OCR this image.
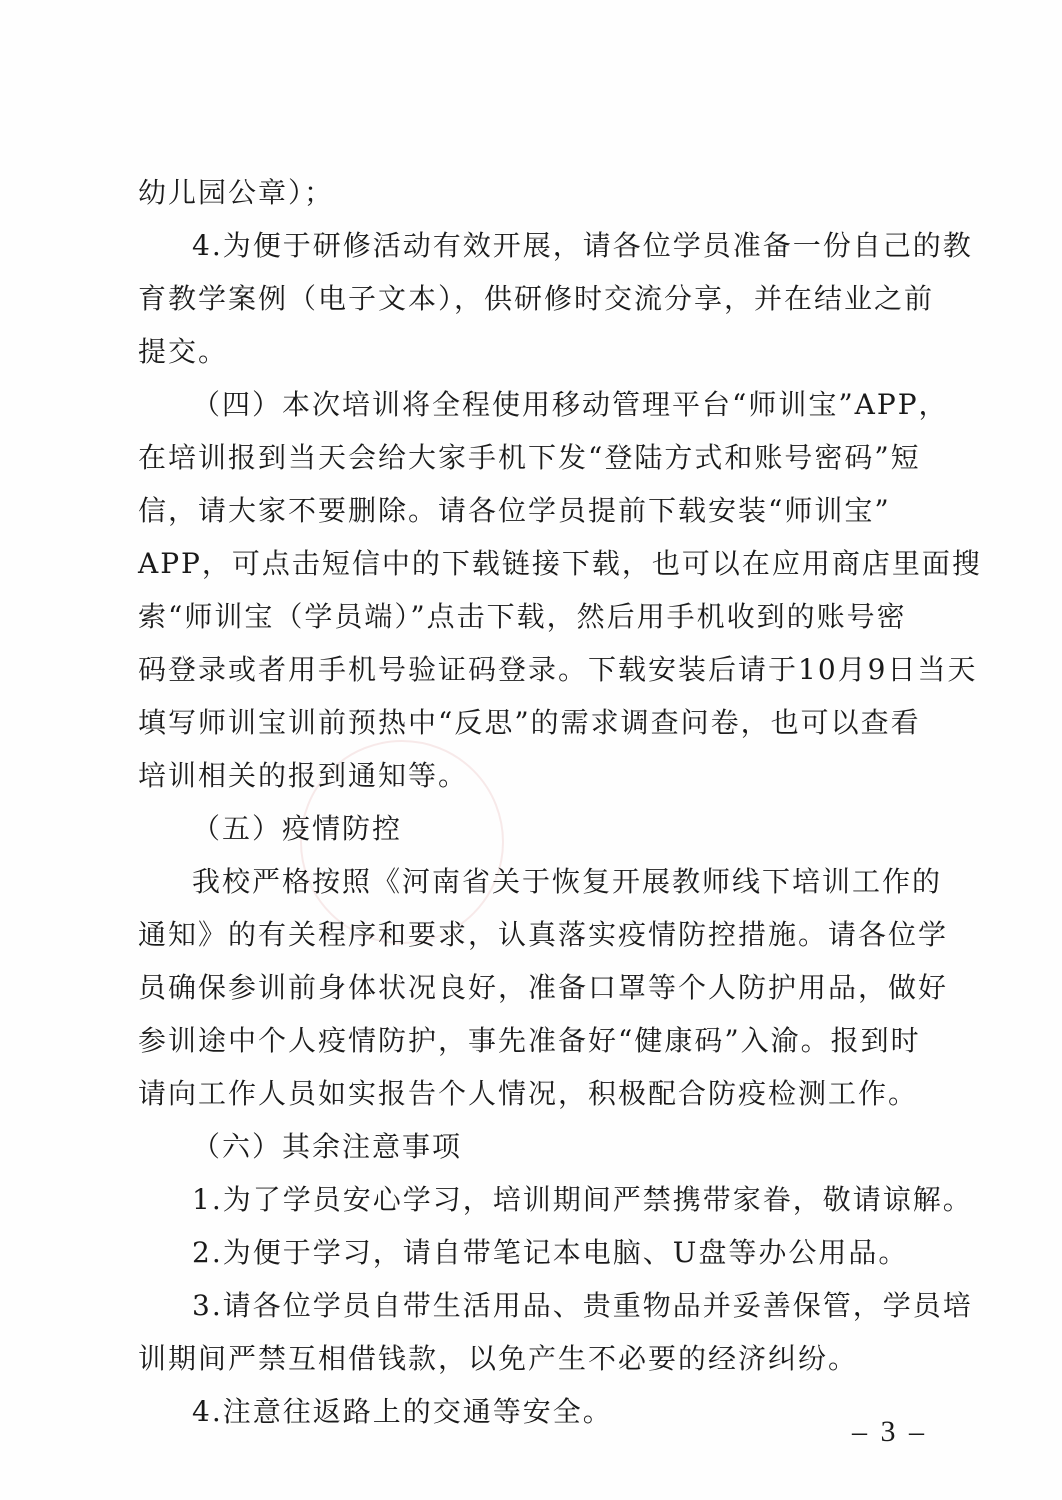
幼儿园公章）；
4.为便于研修活动有效开展，请各位学员准备一份自己的教
育教学案例（电子文本），供研修时交流分享，并在结业之前
提交。
（四）本次培训将全程使用移动管理平台“师训宝”APP，
在培训报到当天会给大家手机下发“登陆方式和账号密码”短
信，请大家不要删除。请各位学员提前下载安装“师训宝”
APP，可点击短信中的下载链接下载，也可以在应用商店里面搜
索“师训宝（学员端）”点击下载，然后用手机收到的账号密
码登录或者用手机号验证码登录。下载安装后请于10月9日当天
填写师训宝训前预热中“反思”的需求调查问卷，也可以查看
培训相关的报到通知等。
（五）疫情防控
我校严格按照《河南省关于恢复开展教师线下培训工作的
通知》的有关程序和要求，认真落实疫情防控措施。请各位学
员确保参训前身体状况良好，准备口罩等个人防护用品，做好
参训途中个人疫情防护，事先准备好“健康码”入渝。报到时
请向工作人员如实报告个人情况，积极配合防疫检测工作。
（六）其余注意事项
1.为了学员安心学习，培训期间严禁携带家眷，敬请谅解。
2.为便于学习，请自带笔记本电脑、U盘等办公用品。
3.请各位学员自带生活用品、贵重物品并妥善保管，学员培
训期间严禁互相借钱款，以免产生不必要的经济纠纷。
4.注意往返路上的交通等安全。
– 3 –
